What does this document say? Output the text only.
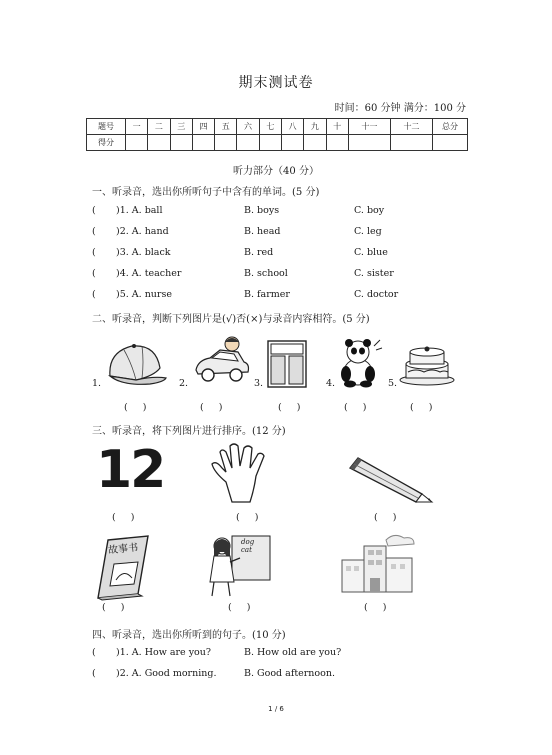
期末测试卷
时间：60 分钟 满分：100 分
题号	一	二	三	四	五	六	七	八	九	十	十一	十二	总分
得分													
听力部分（40 分）
一、听录音，选出你所听句子中含有的单词。(5 分)
( )1. A. ball	B. boys	C. boy
( )2. A. hand	B. head	C. leg
( )3. A. black	B. red	C. blue
( )4. A. teacher	B. school	C. sister
( )5. A. nurse	B. farmer	C. doctor
二、听录音，判断下列图片是(√)否(×)与录音内容相符。(5 分)
1.	2.	3.	4.	5.
(     )	(     )	(     )	(     )	(     )
三、听录音，将下列图片进行排序。(12 分)
12
(     )	(     )	(     )
故事书
dog
cat
(     )	(     )	(     )
四、听录音，选出你所听到的句子。(10 分)
( )1. A. How are you?	B. How old are you?
( )2. A. Good morning.	B. Good afternoon.
1 / 6
